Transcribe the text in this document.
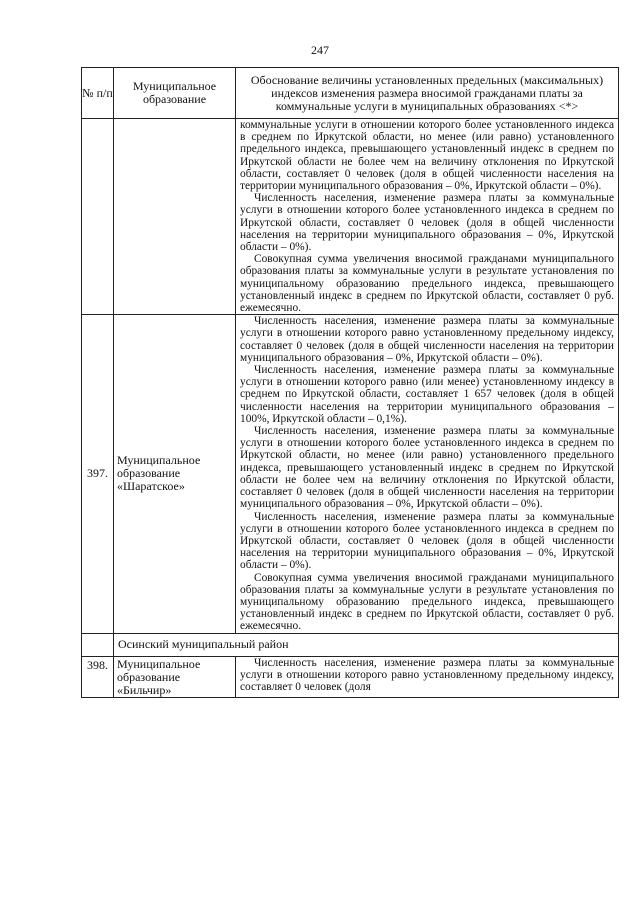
247
№ п/п	Муниципальное образование	Обоснование величины установленных предельных (максимальных) индексов изменения размера вносимой гражданами платы за коммунальные услуги в муниципальных образованиях <*>

		коммунальные услуги в отношении которого более установленного индекса в среднем по Иркутской области, но менее (или равно) установленного предельного индекса, превышающего установленный индекс в среднем по Иркутской области не более чем на величину отклонения по Иркутской области, составляет 0 человек (доля в общей численности населения на территории муниципального образования – 0%, Иркутской области – 0%).

Численность населения, изменение размера платы за коммунальные услуги в отношении которого более установленного индекса в среднем по Иркутской области, составляет 0 человек (доля в общей численности населения на территории муниципального образования – 0%, Иркутской области – 0%).

Совокупная сумма увеличения вносимой гражданами муниципального образования платы за коммунальные услуги в результате установления по муниципальному образованию предельного индекса, превышающего установленный индекс в среднем по Иркутской области, составляет 0 руб. ежемесячно.

397.	Муниципальное образование «Шаратское»	Численность населения, изменение размера платы за коммунальные услуги в отношении которого равно установленному предельному индексу, составляет 0 человек (доля в общей численности населения на территории муниципального образования – 0%, Иркутской области – 0%).

Численность населения, изменение размера платы за коммунальные услуги в отношении которого равно (или менее) установленному индексу в среднем по Иркутской области, составляет 1 657 человек (доля в общей численности населения на территории муниципального образования – 100%, Иркутской области – 0,1%).

Численность населения, изменение размера платы за коммунальные услуги в отношении которого более установленного индекса в среднем по Иркутской области, но менее (или равно) установленного предельного индекса, превышающего установленный индекс в среднем по Иркутской области не более чем на величину отклонения по Иркутской области, составляет 0 человек (доля в общей численности населения на территории муниципального образования – 0%, Иркутской области – 0%).

Численность населения, изменение размера платы за коммунальные услуги в отношении которого более установленного индекса в среднем по Иркутской области, составляет 0 человек (доля в общей численности населения на территории муниципального образования – 0%, Иркутской области – 0%).

Совокупная сумма увеличения вносимой гражданами муниципального образования платы за коммунальные услуги в результате установления по муниципальному образованию предельного индекса, превышающего установленный индекс в среднем по Иркутской области, составляет 0 руб. ежемесячно.

	Осинский муниципальный район	
398.	Муниципальное образование «Бильчир»	Численность населения, изменение размера платы за коммунальные услуги в отношении которого равно установленному предельному индексу, составляет 0 человек (доля
